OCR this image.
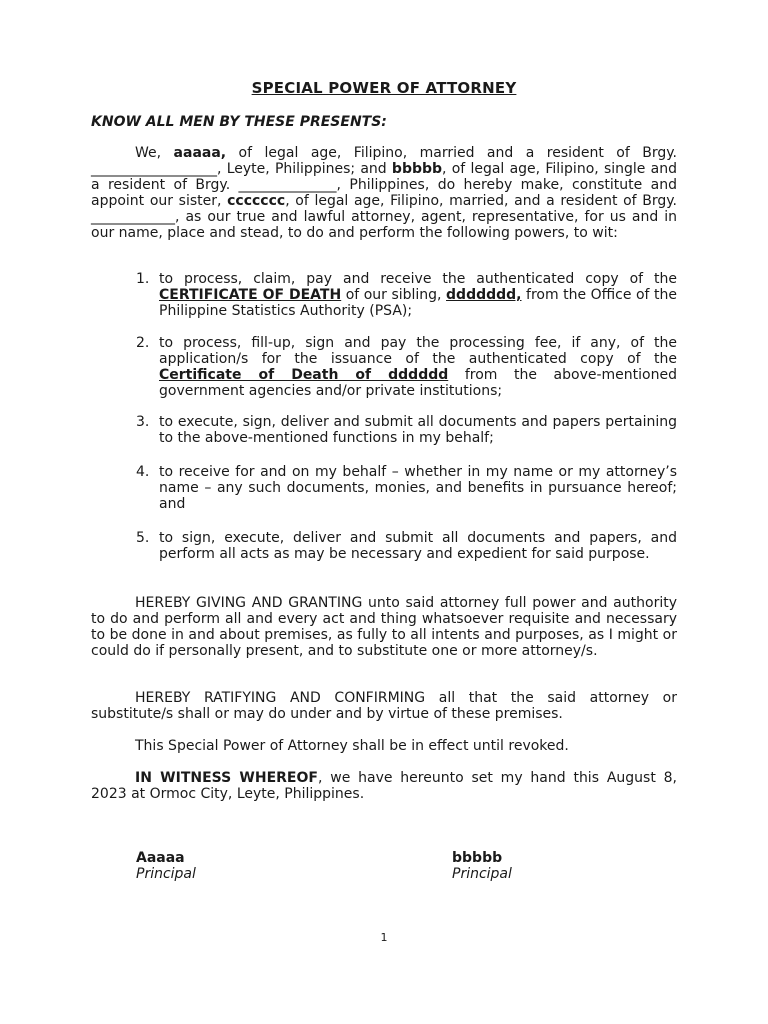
SPECIAL POWER OF ATTORNEY
KNOW ALL MEN BY THESE PRESENTS:

We, aaaaa, of legal age, Filipino, married and a resident of Brgy. __________________, Leyte, Philippines; and bbbbb, of legal age, Filipino, single and a resident of Brgy. ______________, Philippines, do hereby make, constitute and appoint our sister, ccccccc, of legal age, Filipino, married, and a resident of Brgy. ____________, as our true and lawful attorney, agent, representative, for us and in our name, place and stead, to do and perform the following powers, to wit:

1. to process, claim, pay and receive the authenticated copy of the CERTIFICATE OF DEATH of our sibling, ddddddd, from the Office of the Philippine Statistics Authority (PSA);
2. to process, fill-up, sign and pay the processing fee, if any, of the application/s for the issuance of the authenticated copy of the Certificate of Death of dddddd from the above-mentioned government agencies and/or private institutions;
3. to execute, sign, deliver and submit all documents and papers pertaining to the above-mentioned functions in my behalf;
4. to receive for and on my behalf – whether in my name or my attorney’s name – any such documents, monies, and benefits in pursuance hereof; and
5. to sign, execute, deliver and submit all documents and papers, and perform all acts as may be necessary and expedient for said purpose.

HEREBY GIVING AND GRANTING unto said attorney full power and authority to do and perform all and every act and thing whatsoever requisite and necessary to be done in and about premises, as fully to all intents and purposes, as I might or could do if personally present, and to substitute one or more attorney/s.

HEREBY RATIFYING AND CONFIRMING all that the said attorney or substitute/s shall or may do under and by virtue of these premises.

This Special Power of Attorney shall be in effect until revoked.

IN WITNESS WHEREOF, we have hereunto set my hand this August 8, 2023 at Ormoc City, Leyte, Philippines.

Aaaaa
Principal
bbbbb
Principal
1
